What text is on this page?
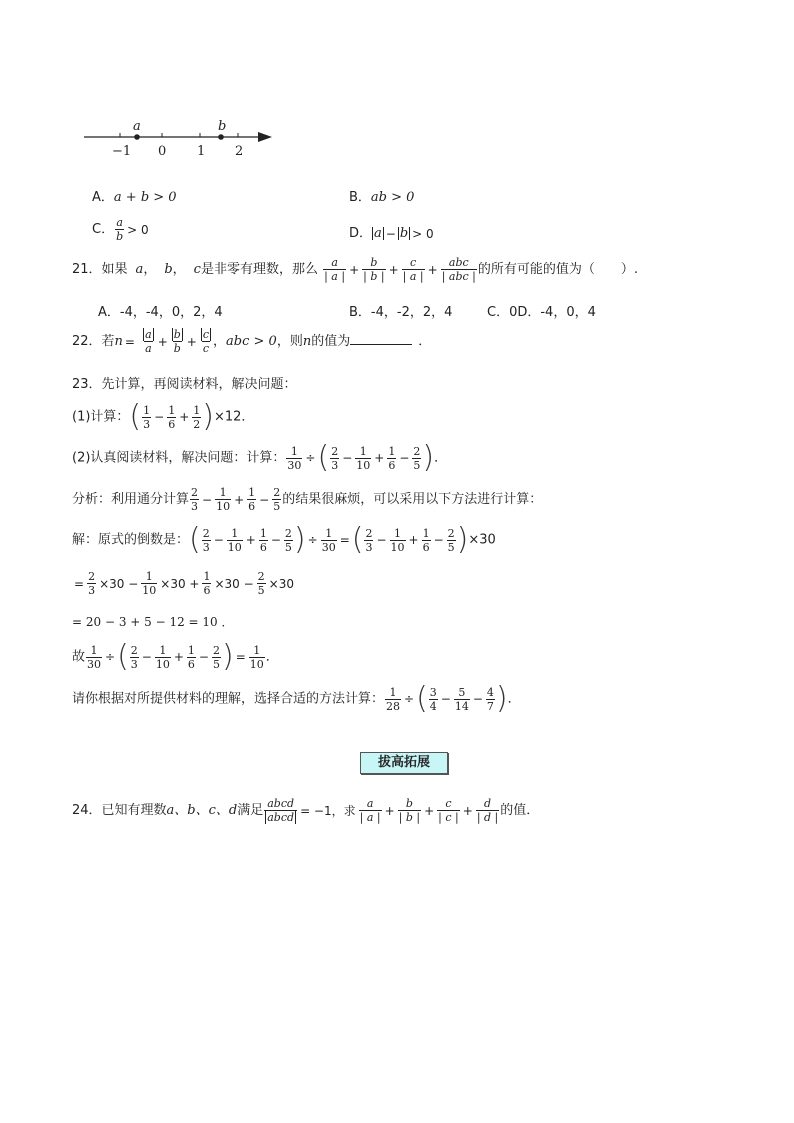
a	b
−1 0 1 2
A．a + b > 0	B．ab > 0
C． $\frac{a}{b} > 0$	D． a − b > 0
21．如果 a， b， c是非零有理数，那么 $\frac{a}{| a |} + \frac{b}{| b |} + \frac{c}{| a |} + \frac{\text{abc}}{\text{| abc |}}$ 的所有可能的值为（　　）.
A．-4，-4，0，2，4	B．-4，-2，2，4	C．0D．-4，0，4
22．若$n = \frac{a}{a} + \frac{b}{b} + \frac{c}{c}$ ，abc > 0，则n的值为	．
23．先计算，再阅读材料，解决问题：
(1)计算：( $\frac{1}{3} - \frac{1}{6} + \frac{1}{2} )\times 12$．
(2)认真阅读材料，解决问题：计算： $\frac{1}{30}$ ÷( $\frac{2}{3} - \frac{1}{10} + \frac{1}{6} - \frac{2}{5}$ )．
分析：利用通分计算 $\frac{2}{3} - \frac{1}{10} + \frac{1}{6} - \frac{2}{5}$ 的结果很麻烦，可以采用以下方法进行计算：
解：原式的倒数是：( $\frac{2}{3} - \frac{1}{10} + \frac{1}{6} - \frac{2}{5}$ ) ÷ $\frac{1}{30}$ =( $\frac{2}{3} - \frac{1}{10} + \frac{1}{6} - \frac{2}{5} )\times 30$
= $\frac{2}{3} \times 30 - \frac{1}{10} \times 30 + \frac{1}{6} \times 30 - \frac{2}{5} \times 30$
= 20 − 3 + 5 − 12 = 10 ．
故 $\frac{1}{30}$ ÷( $\frac{2}{3} - \frac{1}{10} + \frac{1}{6} - \frac{2}{5}$ ) = $\frac{1}{10}$ ．
请你根据对所提供材料的理解，选择合适的方法计算： $\frac{1}{28}$ ÷( $\frac{3}{4} - \frac{5}{14} - \frac{4}{7}$ )．
拔高拓展
24．已知有理数a、b、c、d满足 $\frac{\text{abcd}}{\text{abcd}} = -1$，求 $\frac{a}{| a |} + \frac{b}{| b |} + \frac{c}{| c |} + \frac{d}{| d |}$ 的值．
